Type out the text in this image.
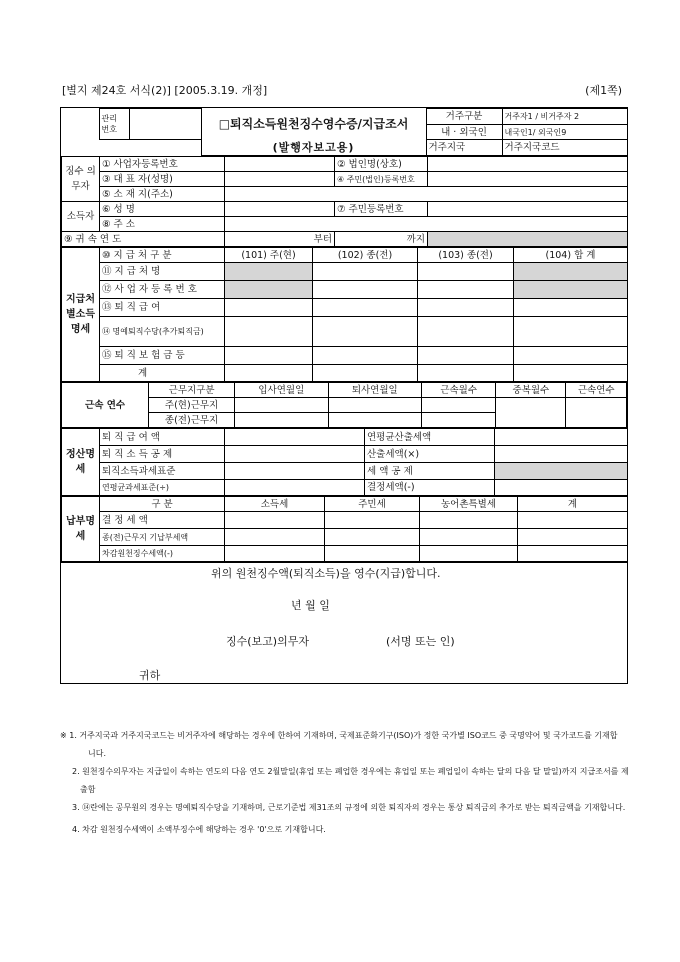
[별지 제24호 서식(2)] [2005.3.19. 개정]	(제1쪽)
	관리
번호		□퇴직소득원천징수영수증/지급조서	거주구분	거주자1 / 비거주자 2
				내 · 외국인	내국인1/ 외국인9
			(발행자보고용)	거주지국	거주지국코드
징수 의무자	① 사업자등록번호		② 법인명(상호)	
	③ 대 표 자(성명)		④ 주민(법인)등록번호	
	⑤ 소 재 지(주소)			
소득자	⑥ 성 명		⑦ 주민등록번호	
	⑧ 주 소			
⑨ 귀 속 연 도		부터	까지	
지급처별소득명세	⑩ 지 급 처 구 분	(101) 주(현)	(102) 종(전)	(103) 종(전)	(104) 합 계
	⑪ 지 급 처 명				
	⑫ 사 업 자 등 록 번 호				
	⑬ 퇴 직 급 여				
	⑭ 명예퇴직수당(추가퇴직금)				
	⑮ 퇴 직 보 험 금 등				
	계				
근속 연수	근무지구분	입사연월일	퇴사연월일	근속월수	중복월수	근속연수
	주(현)근무지					
	종(전)근무지					
정산명세	퇴 직 급 여 액		연평균산출세액	
	퇴 직 소 득 공 제		산출세액(×)	
	퇴직소득과세표준		세 액 공 제	
	연평균과세표준(÷)		결정세액(-)	
납부명세	구 분	소득세	주민세	농어촌특별세	계
	결 정 세 액				
	종(전)근무지 기납부세액				
	차감원천징수세액(-)				
위의 원천징수액(퇴직소득)을 영수(지급)합니다.
년 월 일
징수(보고)의무자	(서명 또는 인)
귀하
※ 1. 거주지국과 거주지국코드는 비거주자에 해당하는 경우에 한하여 기재하며, 국제표준화기구(ISO)가 정한 국가별 ISO코드 중 국명약어 및 국가코드를 기재합
니다.
2. 원천징수의무자는 지급일이 속하는 연도의 다음 연도 2월말일(휴업 또는 폐업한 경우에는 휴업일 또는 폐업일이 속하는 달의 다음 달 말일)까지 지급조서를 제
출함
3. ⑭란에는 공무원의 경우는 명예퇴직수당을 기재하며, 근로기준법 제31조의 규정에 의한 퇴직자의 경우는 통상 퇴직금의 추가로 받는 퇴직금액을 기재합니다.
4. 차감 원천징수세액이 소액부징수에 해당하는 경우 '0'으로 기재합니다.
